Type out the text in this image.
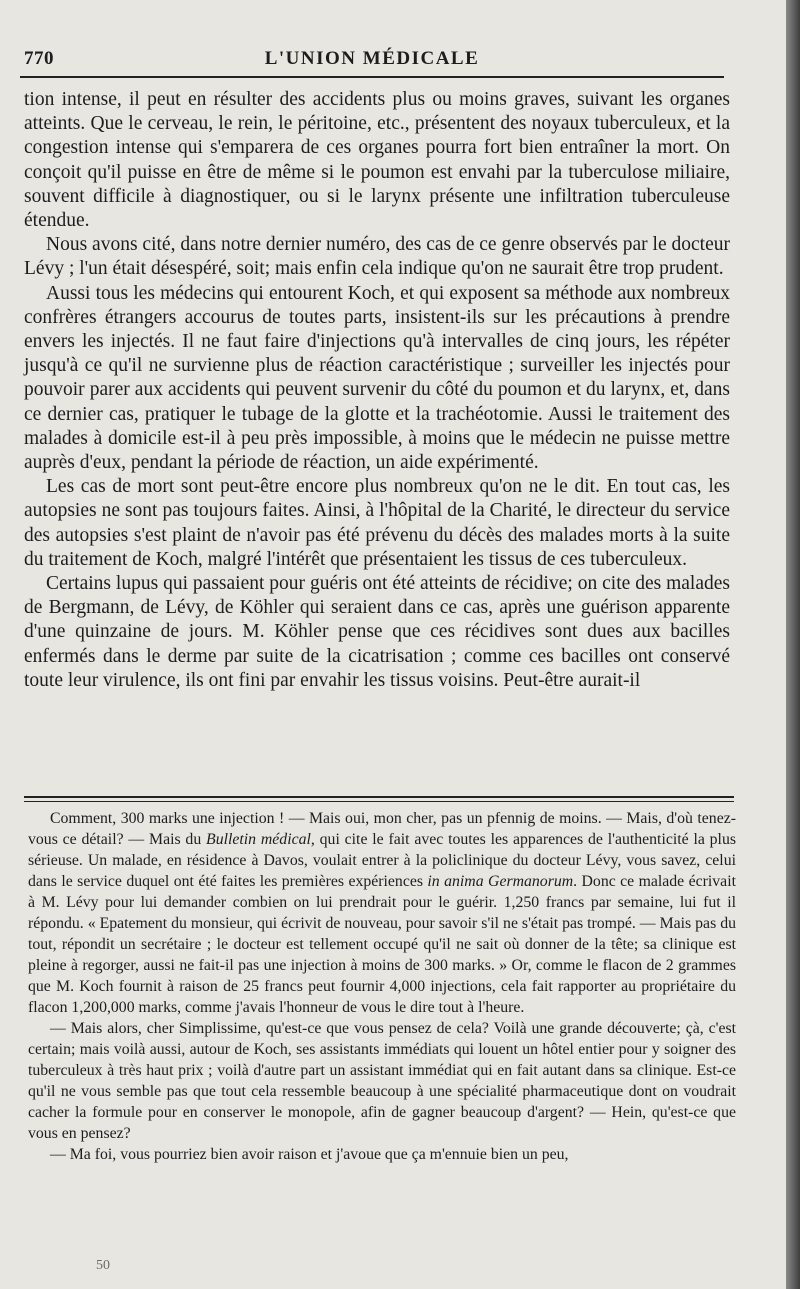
770	L'UNION MÉDICALE

tion intense, il peut en résulter des accidents plus ou moins graves, suivant les organes atteints. Que le cerveau, le rein, le péritoine, etc., présentent des noyaux tuberculeux, et la congestion intense qui s'emparera de ces organes pourra fort bien entraîner la mort. On conçoit qu'il puisse en être de même si le poumon est envahi par la tuberculose miliaire, souvent difficile à diagnostiquer, ou si le larynx présente une infiltration tuberculeuse étendue.

Nous avons cité, dans notre dernier numéro, des cas de ce genre observés par le docteur Lévy ; l'un était désespéré, soit; mais enfin cela indique qu'on ne saurait être trop prudent.

Aussi tous les médecins qui entourent Koch, et qui exposent sa méthode aux nombreux confrères étrangers accourus de toutes parts, insistent-ils sur les précautions à prendre envers les injectés. Il ne faut faire d'injections qu'à intervalles de cinq jours, les répéter jusqu'à ce qu'il ne survienne plus de réaction caractéristique ; surveiller les injectés pour pouvoir parer aux accidents qui peuvent survenir du côté du poumon et du larynx, et, dans ce dernier cas, pratiquer le tubage de la glotte et la trachéotomie. Aussi le traitement des malades à domicile est-il à peu près impossible, à moins que le médecin ne puisse mettre auprès d'eux, pendant la période de réaction, un aide expérimenté.

Les cas de mort sont peut-être encore plus nombreux qu'on ne le dit. En tout cas, les autopsies ne sont pas toujours faites. Ainsi, à l'hôpital de la Charité, le directeur du service des autopsies s'est plaint de n'avoir pas été prévenu du décès des malades morts à la suite du traitement de Koch, malgré l'intérêt que présentaient les tissus de ces tuberculeux.

Certains lupus qui passaient pour guéris ont été atteints de récidive; on cite des malades de Bergmann, de Lévy, de Köhler qui seraient dans ce cas, après une guérison apparente d'une quinzaine de jours. M. Köhler pense que ces récidives sont dues aux bacilles enfermés dans le derme par suite de la cicatrisation ; comme ces bacilles ont conservé toute leur virulence, ils ont fini par envahir les tissus voisins. Peut-être aurait-il

Comment, 300 marks une injection ! — Mais oui, mon cher, pas un pfennig de moins. — Mais, d'où tenez-vous ce détail? — Mais du Bulletin médical, qui cite le fait avec toutes les apparences de l'authenticité la plus sérieuse. Un malade, en résidence à Davos, voulait entrer à la policlinique du docteur Lévy, vous savez, celui dans le service duquel ont été faites les premières expériences in anima Germanorum. Donc ce malade écrivait à M. Lévy pour lui demander combien on lui prendrait pour le guérir. 1,250 francs par semaine, lui fut il répondu. « Epatement du monsieur, qui écrivit de nouveau, pour savoir s'il ne s'était pas trompé. — Mais pas du tout, répondit un secrétaire ; le docteur est tellement occupé qu'il ne sait où donner de la tête; sa clinique est pleine à regorger, aussi ne fait-il pas une injection à moins de 300 marks. » Or, comme le flacon de 2 grammes que M. Koch fournit à raison de 25 francs peut fournir 4,000 injections, cela fait rapporter au propriétaire du flacon 1,200,000 marks, comme j'avais l'honneur de vous le dire tout à l'heure.

— Mais alors, cher Simplissime, qu'est-ce que vous pensez de cela? Voilà une grande découverte; çà, c'est certain; mais voilà aussi, autour de Koch, ses assistants immédiats qui louent un hôtel entier pour y soigner des tuberculeux à très haut prix ; voilà d'autre part un assistant immédiat qui en fait autant dans sa clinique. Est-ce qu'il ne vous semble pas que tout cela ressemble beaucoup à une spécialité pharmaceutique dont on voudrait cacher la formule pour en conserver le monopole, afin de gagner beaucoup d'argent? — Hein, qu'est-ce que vous en pensez?

— Ma foi, vous pourriez bien avoir raison et j'avoue que ça m'ennuie bien un peu,

50
